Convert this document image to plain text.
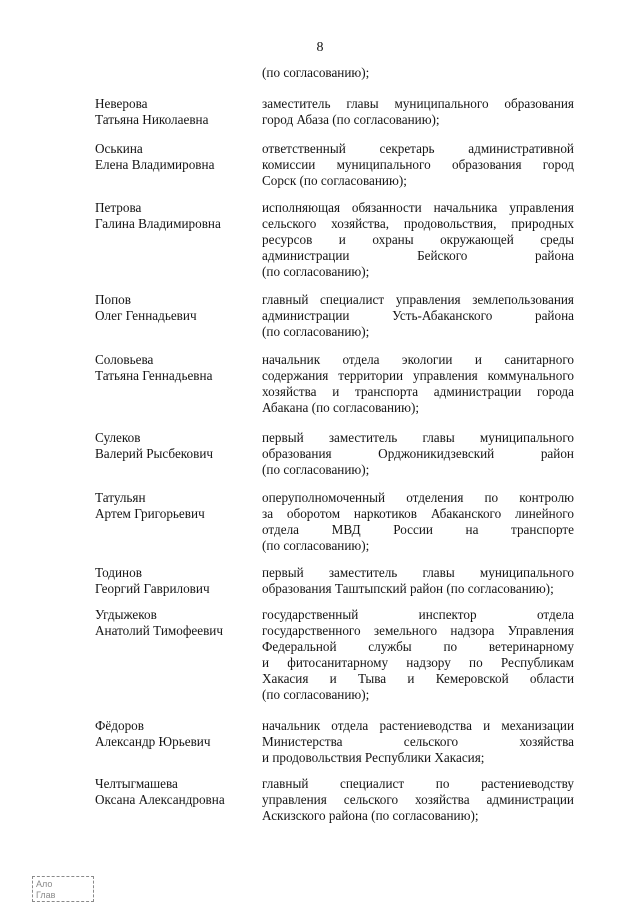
8
(по согласованию);
Неверова
Татьяна Николаевна
заместитель главы муниципального образования
город Абаза (по согласованию);
Оськина
Елена Владимировна
ответственный секретарь административной
комиссии муниципального образования город
Сорск (по согласованию);
Петрова
Галина Владимировна
исполняющая обязанности начальника управления
сельского хозяйства, продовольствия, природных
ресурсов и охраны окружающей среды
администрации Бейского района
(по согласованию);
Попов
Олег Геннадьевич
главный специалист управления землепользования
администрации Усть-Абаканского района
(по согласованию);
Соловьева
Татьяна Геннадьевна
начальник отдела экологии и санитарного
содержания территории управления коммунального
хозяйства и транспорта администрации города
Абакана (по согласованию);
Сулеков
Валерий Рысбекович
первый заместитель главы муниципального
образования Орджоникидзевский район
(по согласованию);
Татульян
Артем Григорьевич
оперуполномоченный отделения по контролю
за оборотом наркотиков Абаканского линейного
отдела МВД России на транспорте
(по согласованию);
Тодинов
Георгий Гаврилович
первый заместитель главы муниципального
образования Таштыпский район (по согласованию);
Угдыжеков
Анатолий Тимофеевич
государственный инспектор отдела
государственного земельного надзора Управления
Федеральной службы по ветеринарному
и фитосанитарному надзору по Республикам
Хакасия и Тыва и Кемеровской области
(по согласованию);
Фёдоров
Александр Юрьевич
начальник отдела растениеводства и механизации
Министерства сельского хозяйства
и продовольствия Республики Хакасия;
Челтыгмашева
Оксана Александровна
главный специалист по растениеводству
управления сельского хозяйства администрации
Аскизского района (по согласованию);
Ало
Глав
